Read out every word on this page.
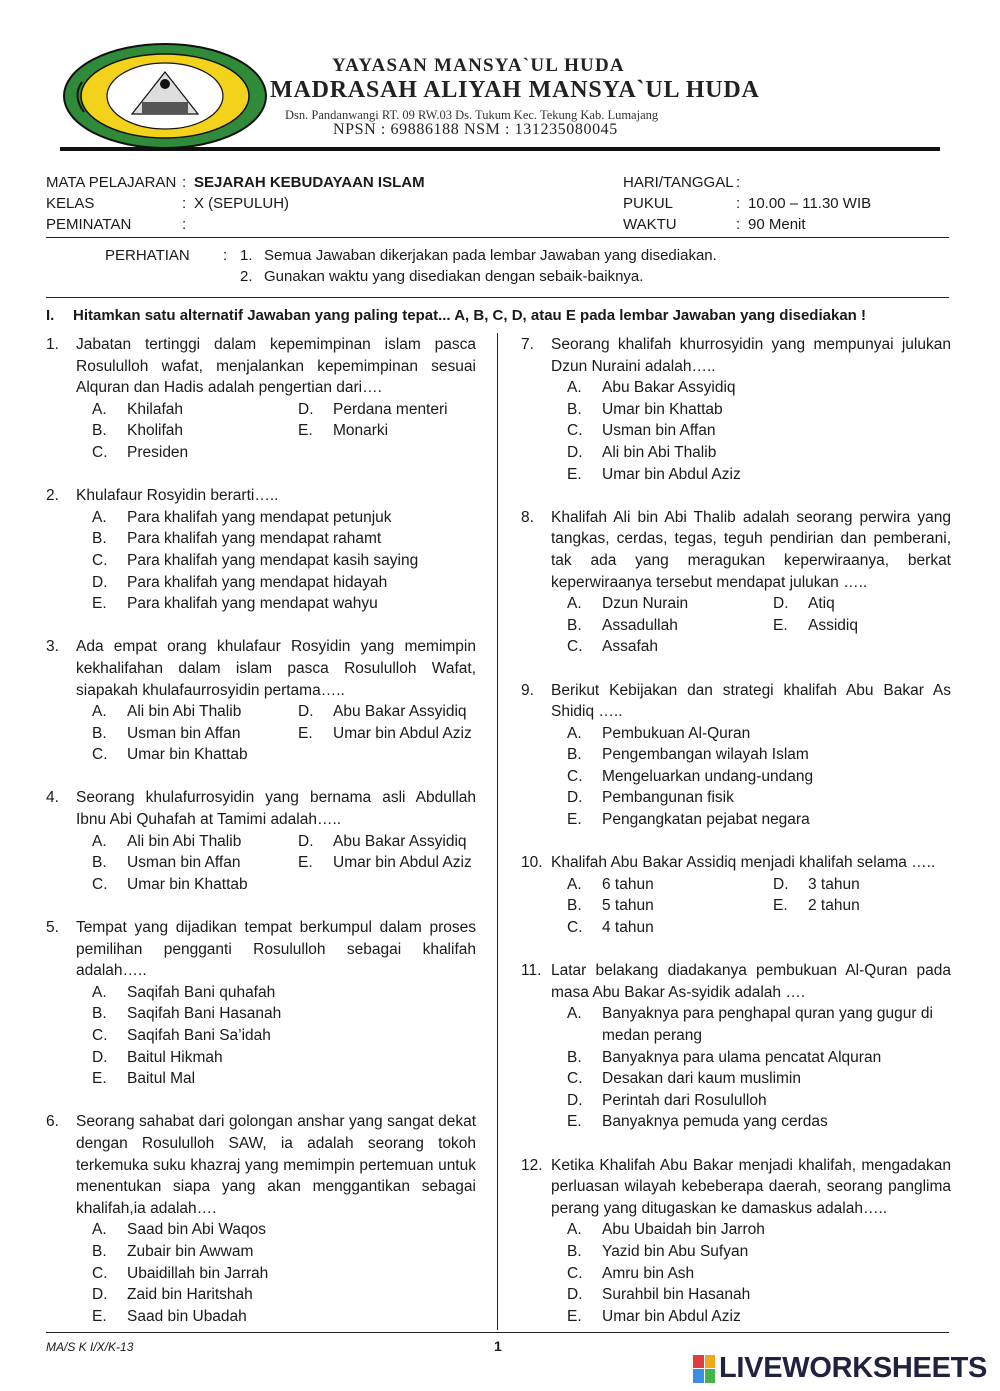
YAYASAN MANSYA`UL HUDA
MADRASAH ALIYAH MANSYA`UL HUDA
Dsn. Pandanwangi RT. 09 RW.03 Ds. Tukum Kec. Tekung Kab. Lumajang
NPSN : 69886188 NSM : 131235080045
MATA PELAJARAN : SEJARAH KEBUDAYAAN ISLAM
KELAS	: X (SEPULUH)
PEMINATAN	:
HARI/TANGGAL :
PUKUL	: 10.00 – 11.30 WIB
WAKTU	: 90 Menit
PERHATIAN : 1. Semua Jawaban dikerjakan pada lembar Jawaban yang disediakan.
2. Gunakan waktu yang disediakan dengan sebaik-baiknya.
I. Hitamkan satu alternatif Jawaban yang paling tepat... A, B, C, D, atau E pada lembar Jawaban yang disediakan !
1. Jabatan tertinggi dalam kepemimpinan islam pasca Rosululloh wafat, menjalankan kepemimpinan sesuai Alquran dan Hadis adalah pengertian dari….
A.	Khilafah	D.	Perdana menteri
B.	Kholifah	E.	Monarki
C.	Presiden
2. Khulafaur Rosyidin berarti…..
A.	Para khalifah yang mendapat petunjuk
B.	Para khalifah yang mendapat rahamt
C.	Para khalifah yang mendapat kasih saying
D.	Para khalifah yang mendapat hidayah
E.	Para khalifah yang mendapat wahyu
3. Ada empat orang khulafaur Rosyidin yang memimpin kekhalifahan dalam islam pasca Rosululloh Wafat, siapakah khulafaurrosyidin pertama…..
A.	Ali bin Abi Thalib	D.	Abu Bakar Assyidiq
B.	Usman bin Affan	E.	Umar bin Abdul Aziz
C.	Umar bin Khattab
4. Seorang khulafurrosyidin yang bernama asli Abdullah Ibnu Abi Quhafah at Tamimi adalah…..
A.	Ali bin Abi Thalib	D.	Abu Bakar Assyidiq
B.	Usman bin Affan	E.	Umar bin Abdul Aziz
C.	Umar bin Khattab
5. Tempat yang dijadikan tempat berkumpul dalam proses pemilihan pengganti Rosululloh sebagai khalifah adalah…..
A.	Saqifah Bani quhafah
B.	Saqifah Bani Hasanah
C.	Saqifah Bani Sa’idah
D.	Baitul Hikmah
E.	Baitul Mal
6. Seorang sahabat dari golongan anshar yang sangat dekat dengan Rosululloh SAW, ia adalah seorang tokoh terkemuka suku khazraj yang memimpin pertemuan untuk menentukan siapa yang akan menggantikan sebagai khalifah,ia adalah….
A.	Saad bin Abi Waqos
B.	Zubair bin Awwam
C.	Ubaidillah bin Jarrah
D.	Zaid bin Haritshah
E.	Saad bin Ubadah
7. Seorang khalifah khurrosyidin yang mempunyai julukan Dzun Nuraini adalah…..
A.	Abu Bakar Assyidiq
B.	Umar bin Khattab
C.	Usman bin Affan
D.	Ali bin Abi Thalib
E.	Umar bin Abdul Aziz
8. Khalifah Ali bin Abi Thalib adalah seorang perwira yang tangkas, cerdas, tegas, teguh pendirian dan pemberani, tak ada yang meragukan keperwiraanya, berkat keperwiraanya tersebut mendapat julukan …..
A.	Dzun Nurain	D.	Atiq
B.	Assadullah	E.	Assidiq
C.	Assafah
9. Berikut Kebijakan dan strategi khalifah Abu Bakar As Shidiq …..
A.	Pembukuan Al-Quran
B.	Pengembangan wilayah Islam
C.	Mengeluarkan undang-undang
D.	Pembangunan fisik
E.	Pengangkatan pejabat negara
10. Khalifah Abu Bakar Assidiq menjadi khalifah selama …..
A.	6 tahun	D.	3 tahun
B.	5 tahun	E.	2 tahun
C.	4 tahun
11. Latar belakang diadakanya pembukuan Al-Quran pada masa Abu Bakar As-syidik adalah ….
A.	Banyaknya para penghapal quran yang gugur di medan perang
B.	Banyaknya para ulama pencatat Alquran
C.	Desakan dari kaum muslimin
D.	Perintah dari Rosululloh
E.	Banyaknya pemuda yang cerdas
12. Ketika Khalifah Abu Bakar menjadi khalifah, mengadakan perluasan wilayah kebeberapa daerah, seorang panglima perang yang ditugaskan ke damaskus adalah…..
A.	Abu Ubaidah bin Jarroh
B.	Yazid bin Abu Sufyan
C.	Amru bin Ash
D.	Surahbil bin Hasanah
E.	Umar bin Abdul Aziz
MA/S K I/X/K-13	1
LIVEWORKSHEETS
